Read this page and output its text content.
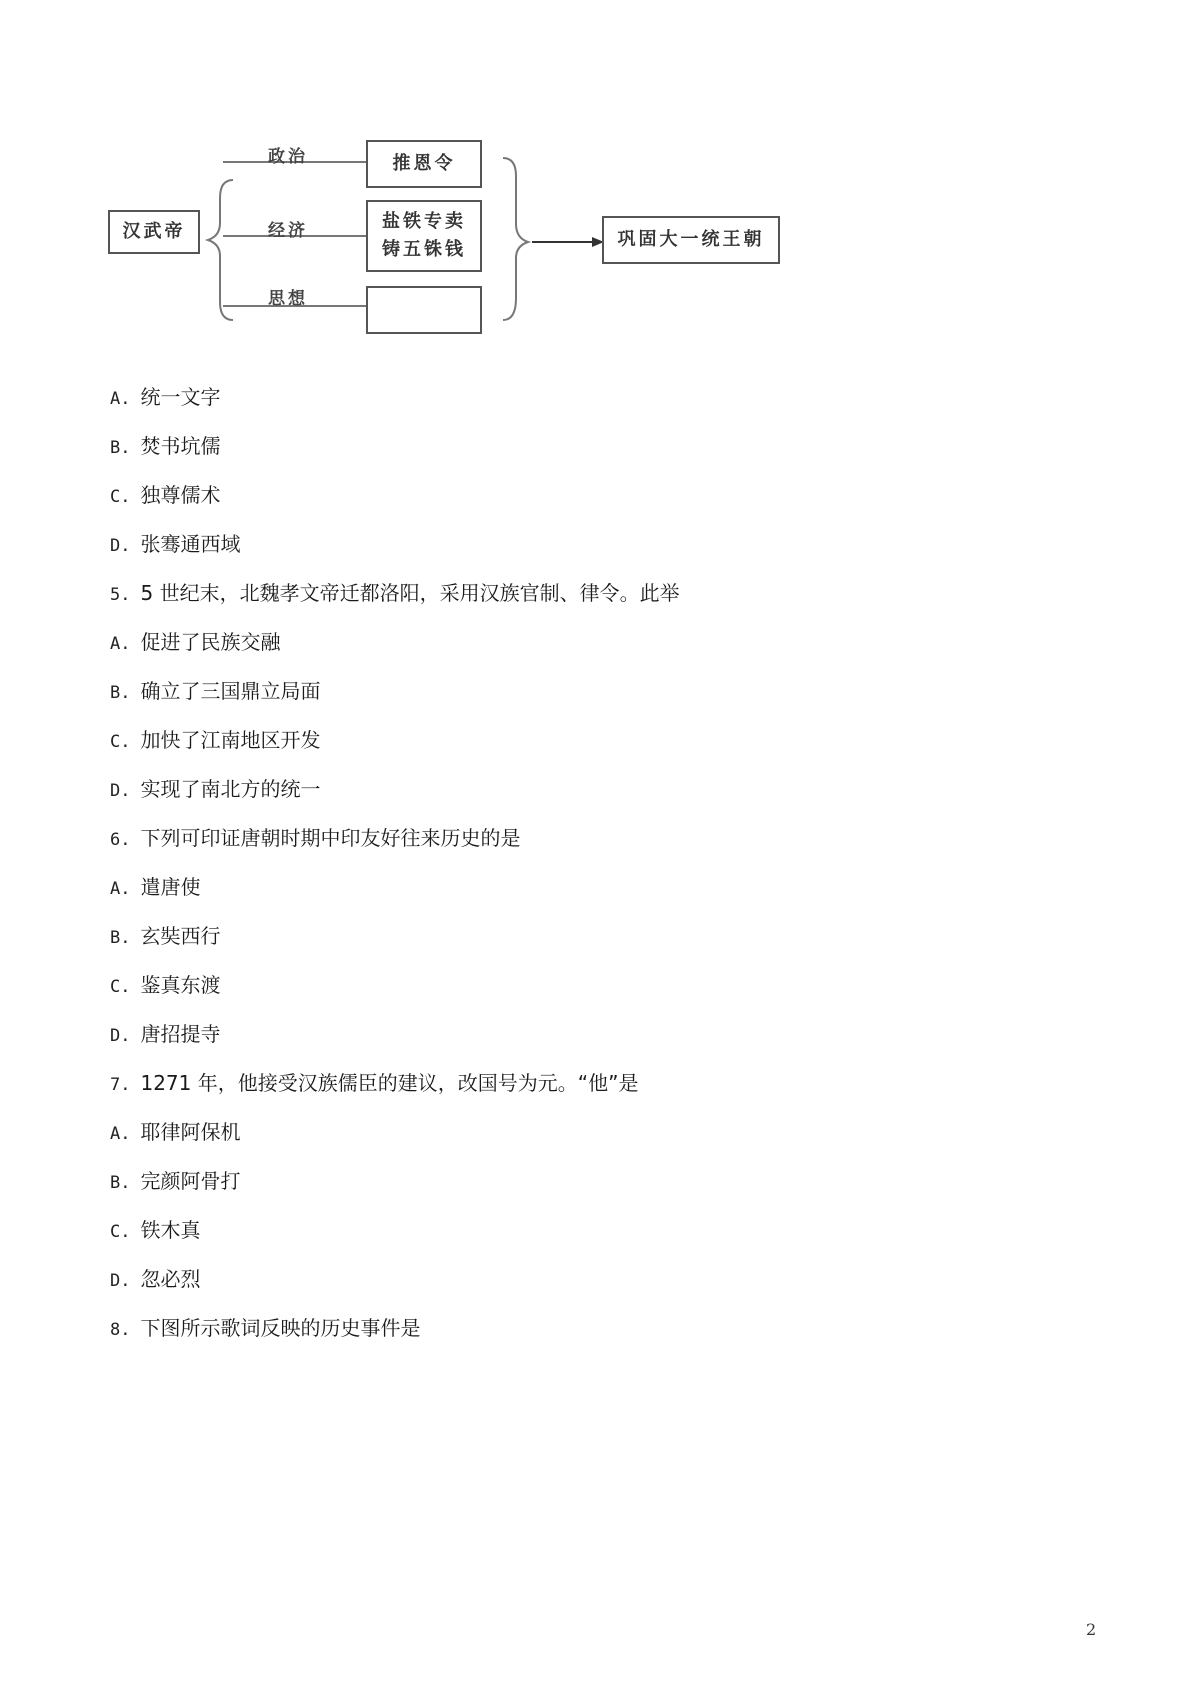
汉武帝
政治
经济
思想
推恩令
盐铁专卖
铸五铢钱	巩固大一统王朝
A. 统一文字
B. 焚书坑儒
C. 独尊儒术
D. 张骞通西域
5. 5 世纪末，北魏孝文帝迁都洛阳，采用汉族官制、律令。此举
A. 促进了民族交融
B. 确立了三国鼎立局面
C. 加快了江南地区开发
D. 实现了南北方的统一
6. 下列可印证唐朝时期中印友好往来历史的是
A. 遣唐使
B. 玄奘西行
C. 鉴真东渡
D. 唐招提寺
7. 1271 年，他接受汉族儒臣的建议，改国号为元。“他”是
A. 耶律阿保机
B. 完颜阿骨打
C. 铁木真
D. 忽必烈
8. 下图所示歌词反映的历史事件是
2
